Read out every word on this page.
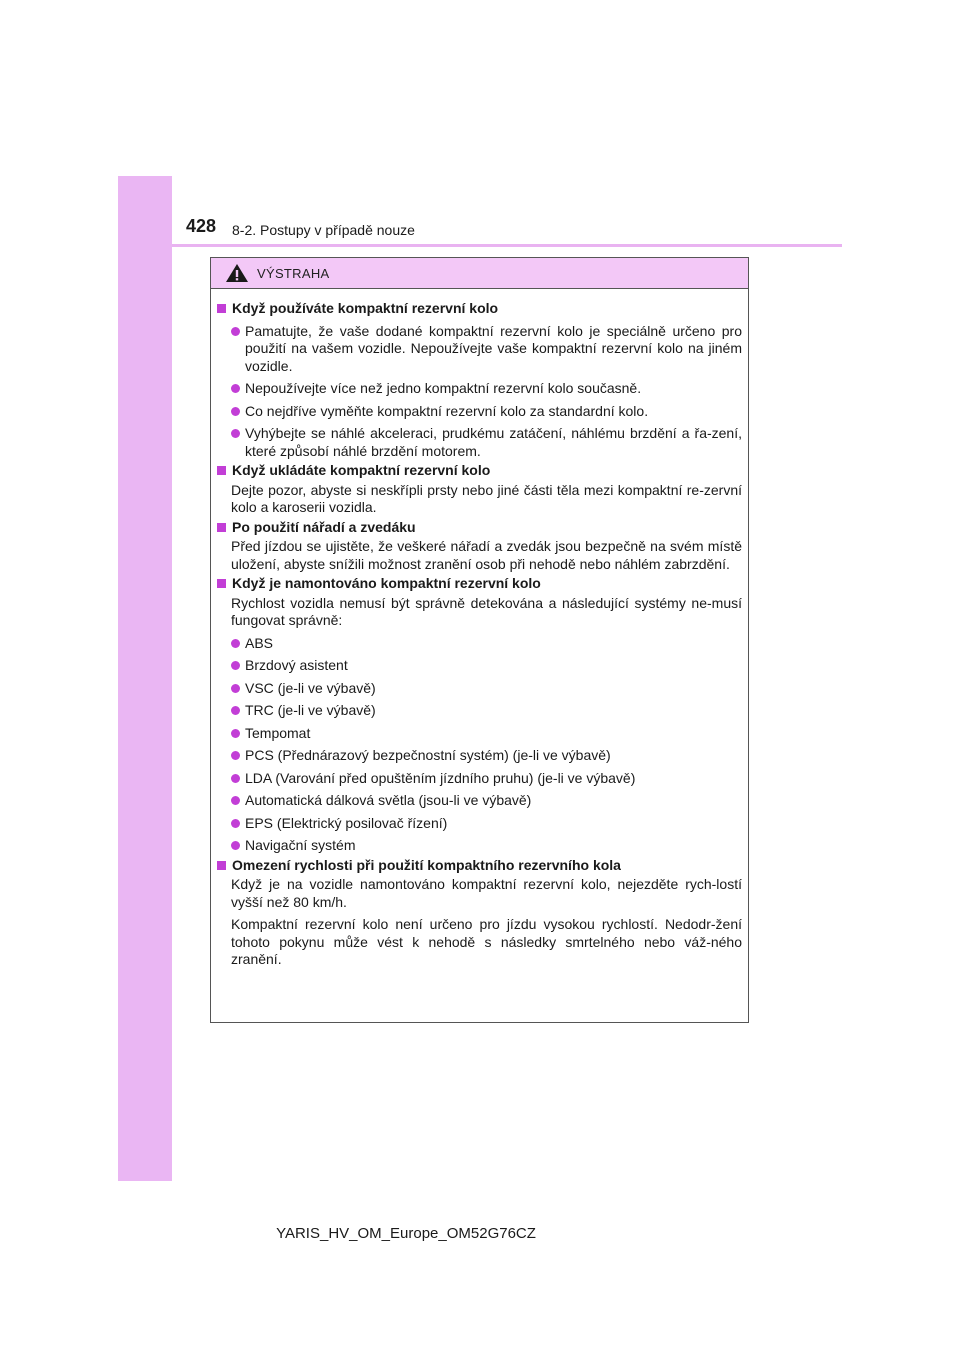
428 8-2. Postupy v případě nouze
VÝSTRAHA
Když používáte kompaktní rezervní kolo
Pamatujte, že vaše dodané kompaktní rezervní kolo je speciálně určeno pro použití na vašem vozidle. Nepoužívejte vaše kompaktní rezervní kolo na jiném vozidle.
Nepoužívejte více než jedno kompaktní rezervní kolo současně.
Co nejdříve vyměňte kompaktní rezervní kolo za standardní kolo.
Vyhýbejte se náhlé akceleraci, prudkému zatáčení, náhlému brzdění a řa-zení, které způsobí náhlé brzdění motorem.
Když ukládáte kompaktní rezervní kolo
Dejte pozor, abyste si neskřípli prsty nebo jiné části těla mezi kompaktní re-zervní kolo a karoserii vozidla.
Po použití nářadí a zvedáku
Před jízdou se ujistěte, že veškeré nářadí a zvedák jsou bezpečně na svém místě uložení, abyste snížili možnost zranění osob při nehodě nebo náhlém zabrzdění.
Když je namontováno kompaktní rezervní kolo
Rychlost vozidla nemusí být správně detekována a následující systémy ne-musí fungovat správně:
ABS
Brzdový asistent
VSC (je-li ve výbavě)
TRC (je-li ve výbavě)
Tempomat
PCS (Přednárazový bezpečnostní systém) (je-li ve výbavě)
LDA (Varování před opuštěním jízdního pruhu) (je-li ve výbavě)
Automatická dálková světla (jsou-li ve výbavě)
EPS (Elektrický posilovač řízení)
Navigační systém
Omezení rychlosti při použití kompaktního rezervního kola
Když je na vozidle namontováno kompaktní rezervní kolo, nejezděte rych-lostí vyšší než 80 km/h.
Kompaktní rezervní kolo není určeno pro jízdu vysokou rychlostí. Nedodr-žení tohoto pokynu může vést k nehodě s následky smrtelného nebo váž-ného zranění.
YARIS_HV_OM_Europe_OM52G76CZ
